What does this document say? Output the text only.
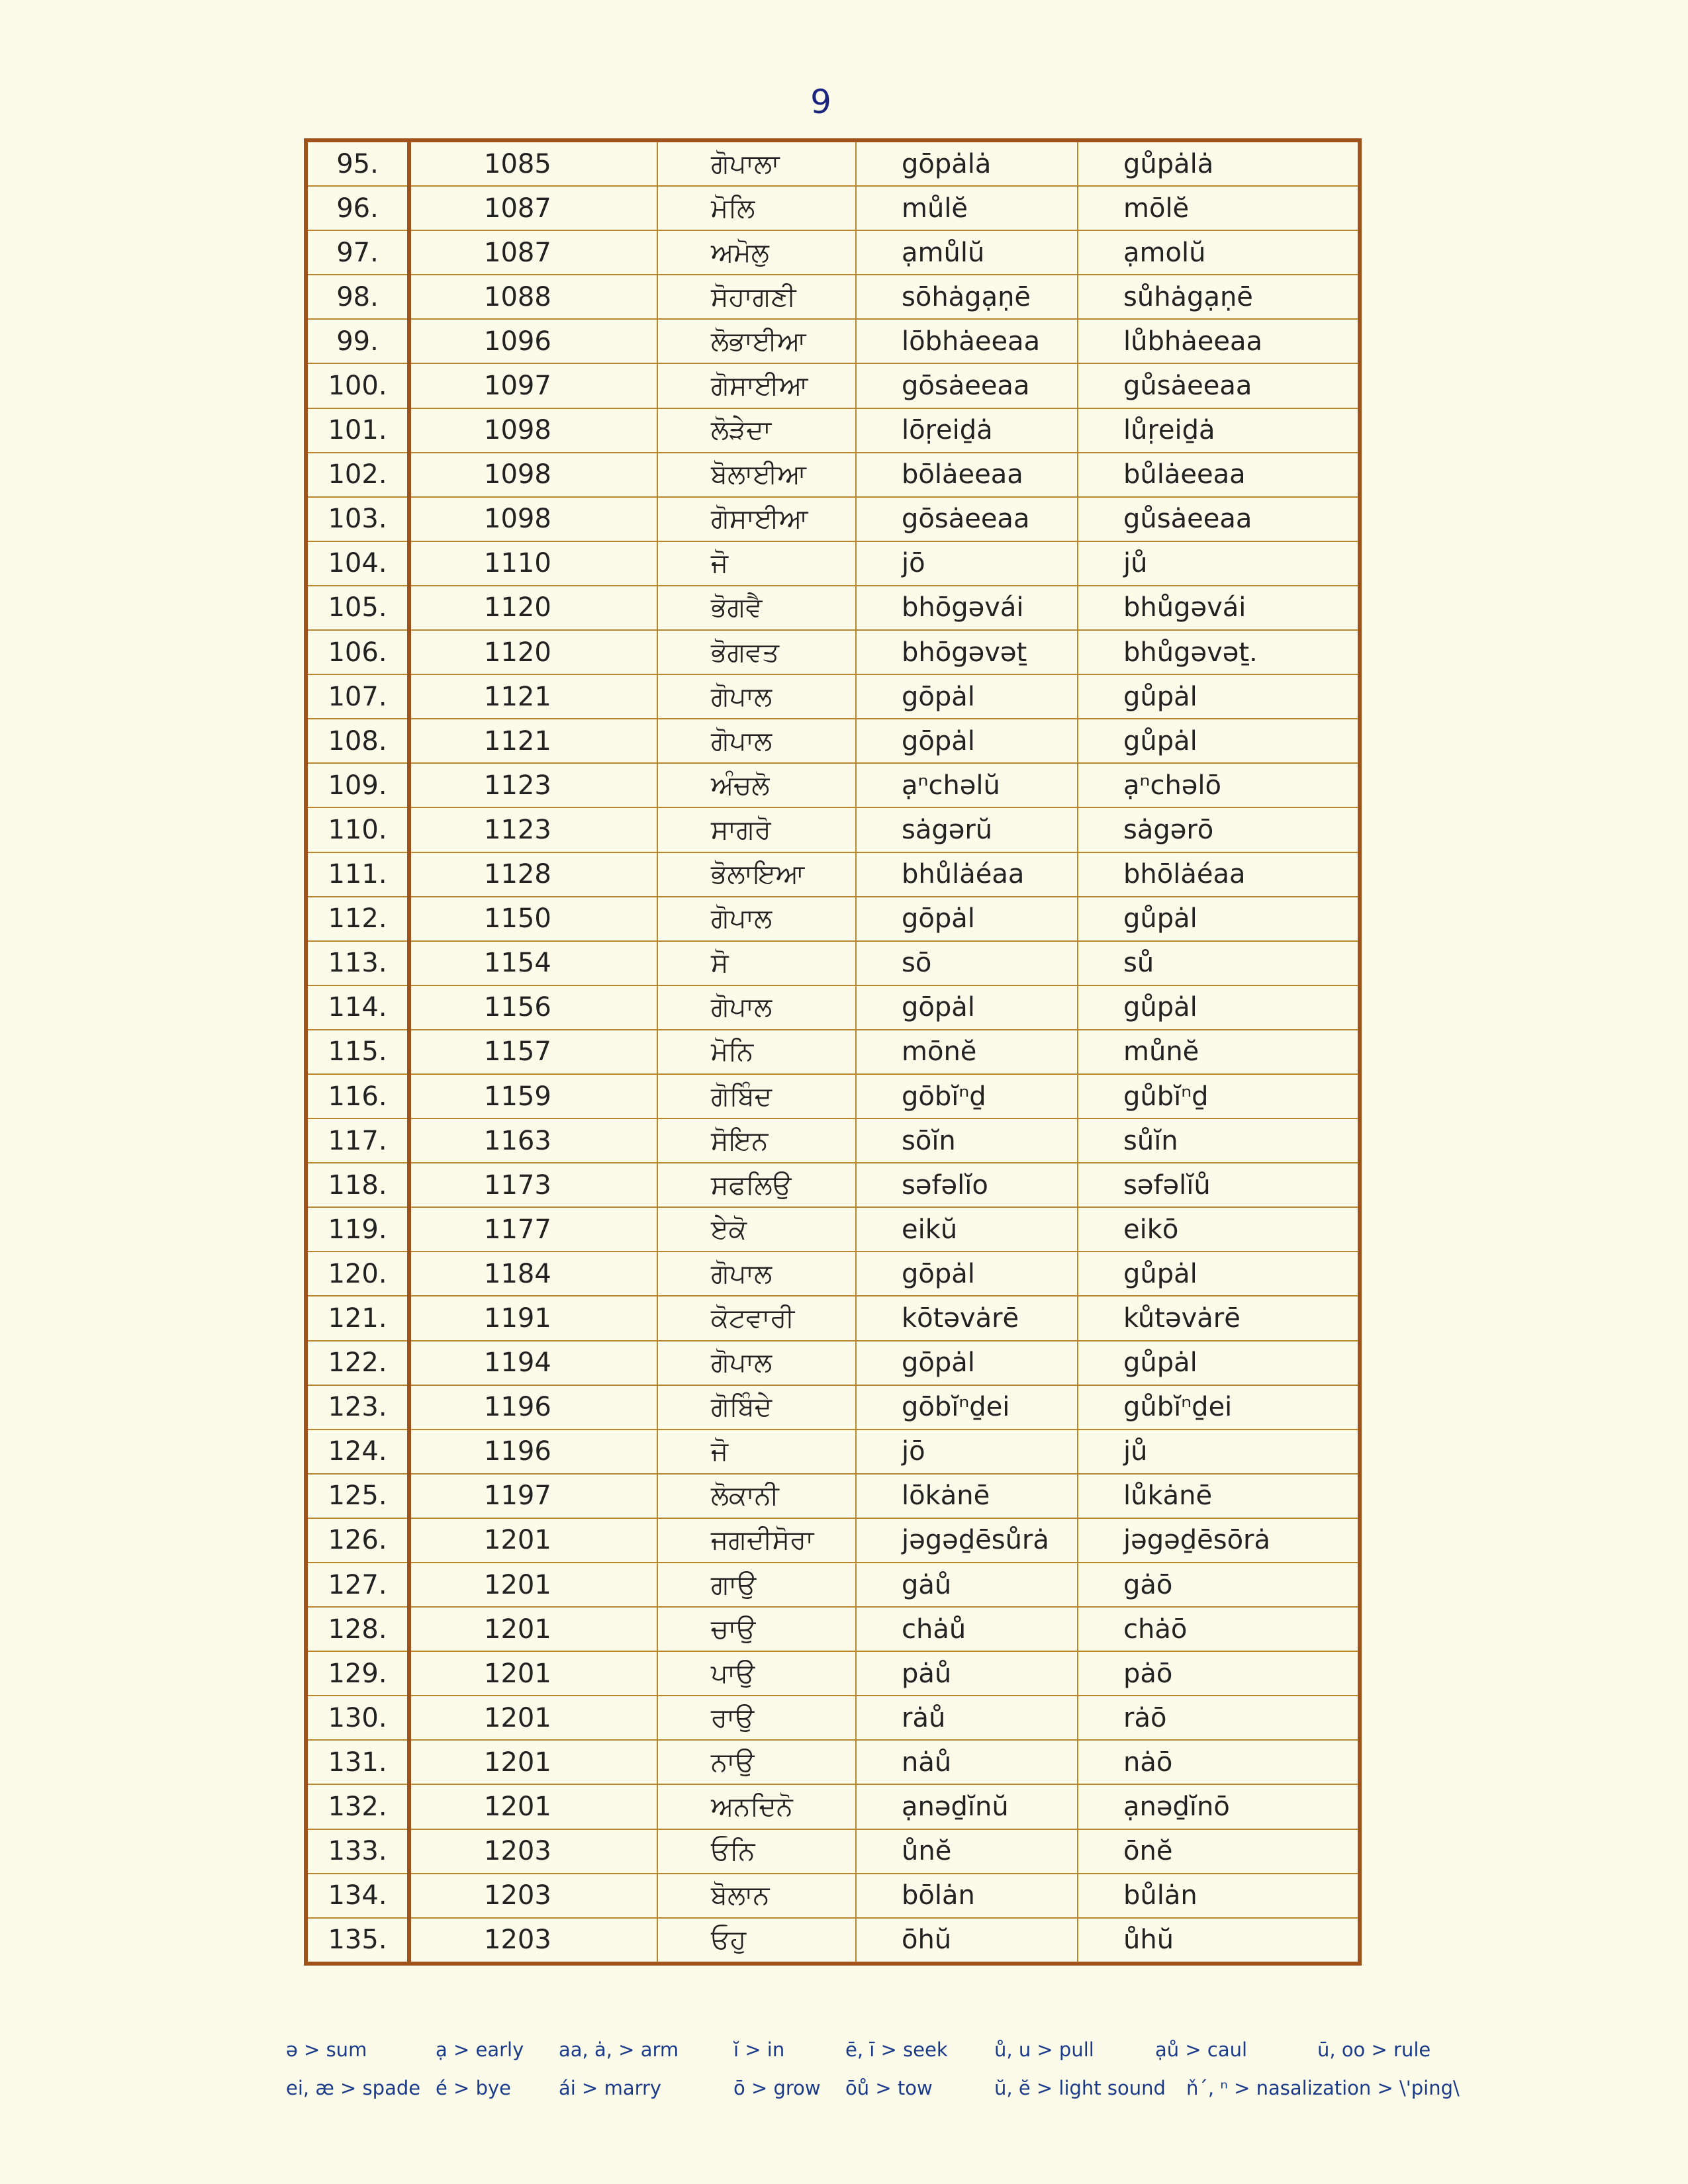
9
95.	1085	ਗੋਪਾਲਾ	gōpȧlȧ	gůpȧlȧ
96.	1087	ਮੋਲਿ	můlĕ	mōlĕ
97.	1087	ਅਮੋਲੁ	ạmůlŭ	ạmolŭ
98.	1088	ਸੋਹਾਗਣੀ	sōhȧgạṇē	sůhȧgạṇē
99.	1096	ਲੋਭਾਈਆ	lōbhȧeeaa	lůbhȧeeaa
100.	1097	ਗੋਸਾਈਆ	gōsȧeeaa	gůsȧeeaa
101.	1098	ਲੋੜੇਦਾ	lōṛeiḏȧ	lůṛeiḏȧ
102.	1098	ਬੋਲਾਈਆ	bōlȧeeaa	bůlȧeeaa
103.	1098	ਗੋਸਾਈਆ	gōsȧeeaa	gůsȧeeaa
104.	1110	ਜੋ	jō	jů
105.	1120	ਭੋਗਵੈ	bhōgəvái	bhůgəvái
106.	1120	ਭੋਗਵਤ	bhōgəvəṯ	bhůgəvəṯ.
107.	1121	ਗੋਪਾਲ	gōpȧl	gůpȧl
108.	1121	ਗੋਪਾਲ	gōpȧl	gůpȧl
109.	1123	ਅੰਚਲੋ	ạⁿchəlŭ	ạⁿchəlō
110.	1123	ਸਾਗਰੋ	sȧgərŭ	sȧgərō
111.	1128	ਭੋਲਾਇਆ	bhůlȧéaa	bhōlȧéaa
112.	1150	ਗੋਪਾਲ	gōpȧl	gůpȧl
113.	1154	ਸੋ	sō	sů
114.	1156	ਗੋਪਾਲ	gōpȧl	gůpȧl
115.	1157	ਮੋਨਿ	mōnĕ	můnĕ
116.	1159	ਗੋਬਿੰਦ	gōbĭⁿḏ	gůbĭⁿḏ
117.	1163	ਸੋਇਨ	sōĭn	sůĭn
118.	1173	ਸਫਲਿਉ	səfəlĭo	səfəlĭů
119.	1177	ਏਕੋ	eikŭ	eikō
120.	1184	ਗੋਪਾਲ	gōpȧl	gůpȧl
121.	1191	ਕੋਟਵਾਰੀ	kōtəvȧrē	kůtəvȧrē
122.	1194	ਗੋਪਾਲ	gōpȧl	gůpȧl
123.	1196	ਗੋਬਿੰਦੇ	gōbĭⁿḏei	gůbĭⁿḏei
124.	1196	ਜੋ	jō	jů
125.	1197	ਲੋਕਾਨੀ	lōkȧnē	lůkȧnē
126.	1201	ਜਗਦੀਸੋਰਾ	jəgəḏēsůrȧ	jəgəḏēsōrȧ
127.	1201	ਗਾਉ	gȧů	gȧō
128.	1201	ਚਾਉ	chȧů	chȧō
129.	1201	ਪਾਉ	pȧů	pȧō
130.	1201	ਰਾਉ	rȧů	rȧō
131.	1201	ਨਾਉ	nȧů	nȧō
132.	1201	ਅਨਦਿਨੋ	ạnəḏĭnŭ	ạnəḏĭnō
133.	1203	ਓਨਿ	ůnĕ	ōnĕ
134.	1203	ਬੋਲਾਨ	bōlȧn	bůlȧn
135.	1203	ਓਹੁ	ōhŭ	ůhŭ
ə > sum	ạ > early aa, ȧ, > arm	ĭ > in	ē, ī > seek ů, u > pull	ạů > caul	ū, oo > rule
ei, æ > spade é > bye ái > marry	ō > grow ōů > tow	ŭ, ĕ > light sound ňˊ, ⁿ > nasalization > \'ping\
